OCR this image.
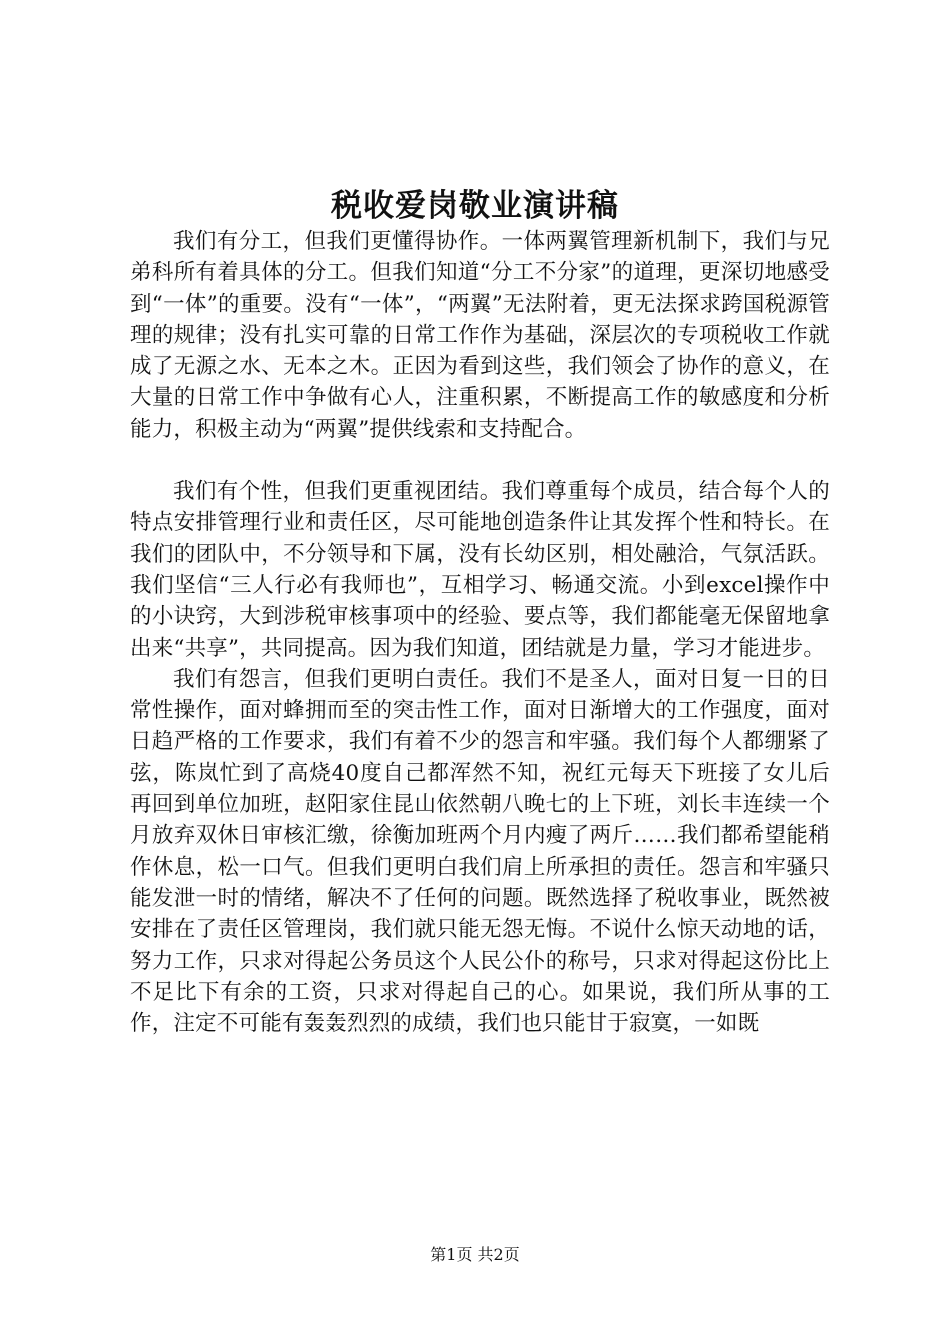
税收爱岗敬业演讲稿

我们有分工，但我们更懂得协作。一体两翼管理新机制下，我们与兄弟科所有着具体的分工。但我们知道“分工不分家”的道理，更深切地感受到“一体”的重要。没有“一体”，“两翼”无法附着，更无法探求跨国税源管理的规律；没有扎实可靠的日常工作作为基础，深层次的专项税收工作就成了无源之水、无本之木。正因为看到这些，我们领会了协作的意义，在大量的日常工作中争做有心人，注重积累，不断提高工作的敏感度和分析能力，积极主动为“两翼”提供线索和支持配合。

我们有个性，但我们更重视团结。我们尊重每个成员，结合每个人的特点安排管理行业和责任区，尽可能地创造条件让其发挥个性和特长。在我们的团队中，不分领导和下属，没有长幼区别，相处融洽，气氛活跃。我们坚信“三人行必有我师也”，互相学习、畅通交流。小到excel操作中的小诀窍，大到涉税审核事项中的经验、要点等，我们都能毫无保留地拿出来“共享”，共同提高。因为我们知道，团结就是力量，学习才能进步。

我们有怨言，但我们更明白责任。我们不是圣人，面对日复一日的日常性操作，面对蜂拥而至的突击性工作，面对日渐增大的工作强度，面对日趋严格的工作要求，我们有着不少的怨言和牢骚。我们每个人都绷紧了弦，陈岚忙到了高烧40度自己都浑然不知，祝红元每天下班接了女儿后再回到单位加班，赵阳家住昆山依然朝八晚七的上下班，刘长丰连续一个月放弃双休日审核汇缴，徐衡加班两个月内瘦了两斤……我们都希望能稍作休息，松一口气。但我们更明白我们肩上所承担的责任。怨言和牢骚只能发泄一时的情绪，解决不了任何的问题。既然选择了税收事业，既然被安排在了责任区管理岗，我们就只能无怨无悔。不说什么惊天动地的话，努力工作，只求对得起公务员这个人民公仆的称号，只求对得起这份比上不足比下有余的工资，只求对得起自己的心。如果说，我们所从事的工作，注定不可能有轰轰烈烈的成绩，我们也只能甘于寂寞，一如既

第1页 共2页
